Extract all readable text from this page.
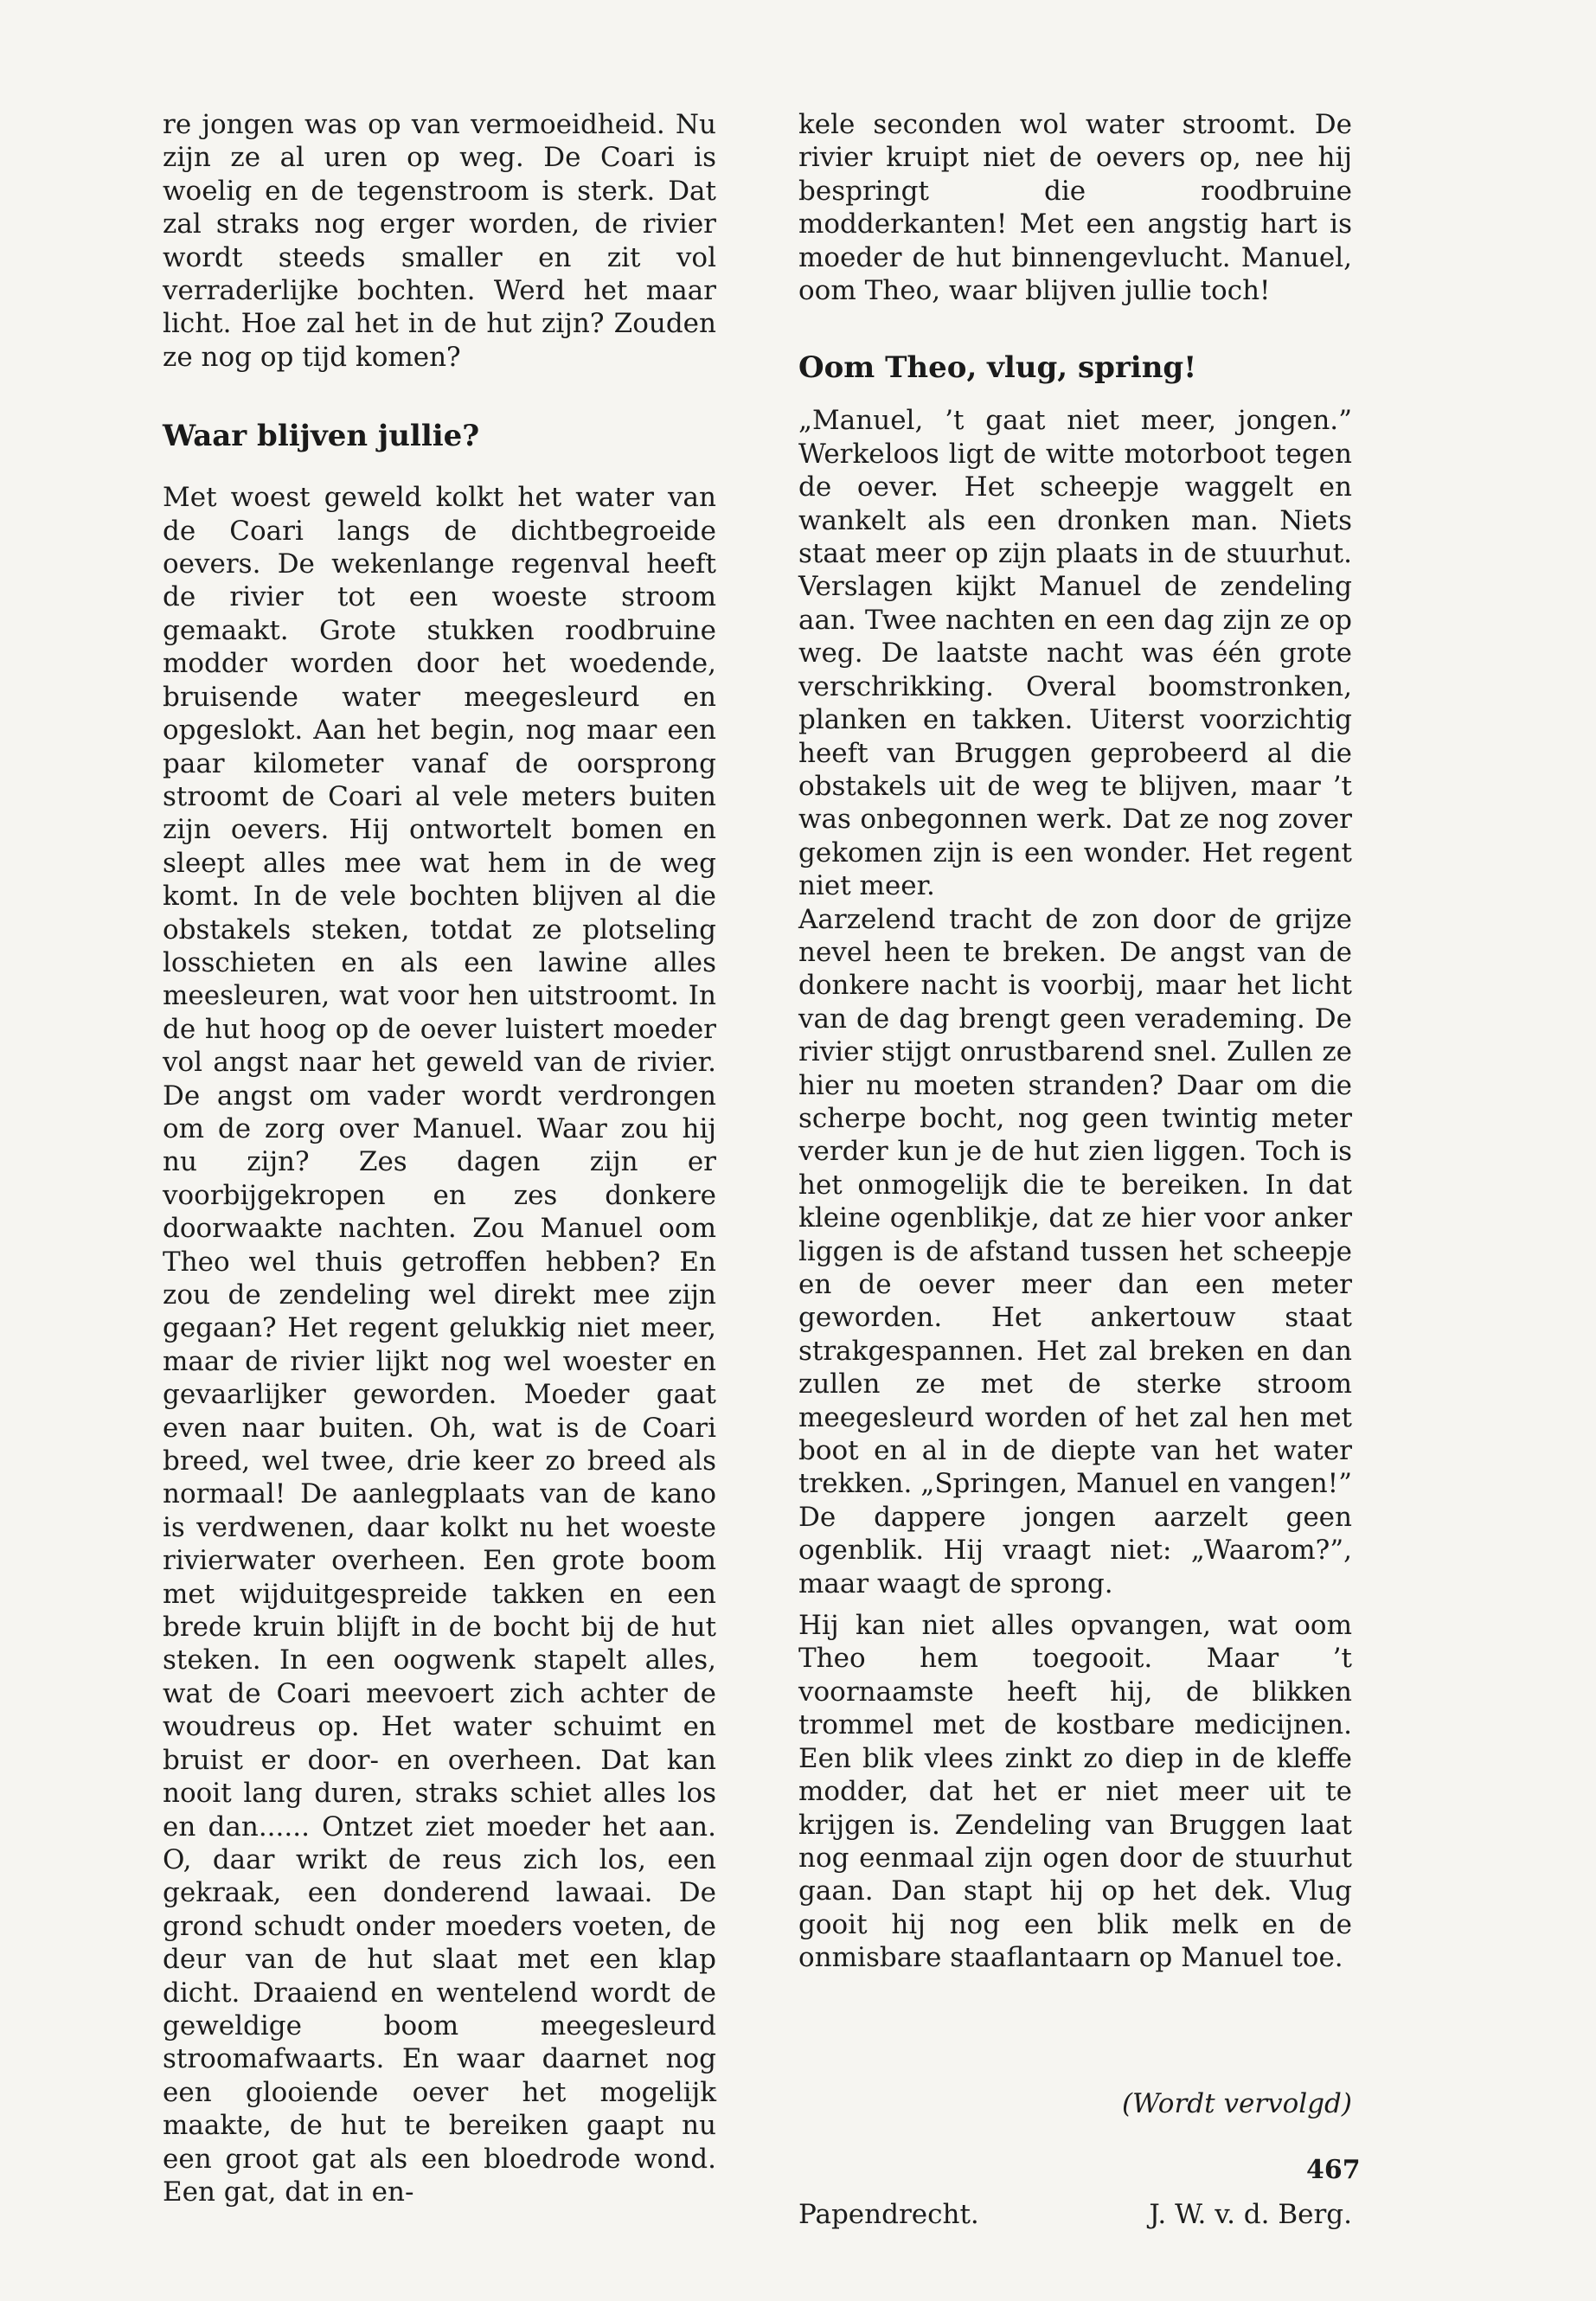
re jongen was op van vermoeidheid. Nu zijn ze al uren op weg. De Coari is woelig en de tegenstroom is sterk. Dat zal straks nog erger worden, de rivier wordt steeds smaller en zit vol verraderlijke bochten. Werd het maar licht. Hoe zal het in de hut zijn? Zouden ze nog op tijd komen?

Waar blijven jullie?

Met woest geweld kolkt het water van de Coari langs de dichtbegroeide oevers. De wekenlange regenval heeft de rivier tot een woeste stroom gemaakt. Grote stukken roodbruine modder worden door het woedende, bruisende water meegesleurd en opgeslokt. Aan het begin, nog maar een paar kilometer vanaf de oorsprong stroomt de Coari al vele meters buiten zijn oevers. Hij ontwortelt bomen en sleept alles mee wat hem in de weg komt. In de vele bochten blijven al die obstakels steken, totdat ze plotseling losschieten en als een lawine alles meesleuren, wat voor hen uitstroomt. In de hut hoog op de oever luistert moeder vol angst naar het geweld van de rivier. De angst om vader wordt verdrongen om de zorg over Manuel. Waar zou hij nu zijn? Zes dagen zijn er voorbijgekropen en zes donkere doorwaakte nachten. Zou Manuel oom Theo wel thuis getroffen hebben? En zou de zendeling wel direkt mee zijn gegaan? Het regent gelukkig niet meer, maar de rivier lijkt nog wel woester en gevaarlijker geworden. Moeder gaat even naar buiten. Oh, wat is de Coari breed, wel twee, drie keer zo breed als normaal! De aanlegplaats van de kano is verdwenen, daar kolkt nu het woeste rivierwater overheen. Een grote boom met wijduitgespreide takken en een brede kruin blijft in de bocht bij de hut steken. In een oogwenk stapelt alles, wat de Coari meevoert zich achter de woudreus op. Het water schuimt en bruist er door- en overheen. Dat kan nooit lang duren, straks schiet alles los en dan...... Ontzet ziet moeder het aan. O, daar wrikt de reus zich los, een gekraak, een donderend lawaai. De grond schudt onder moeders voeten, de deur van de hut slaat met een klap dicht. Draaiend en wentelend wordt de geweldige boom meegesleurd stroomafwaarts. En waar daarnet nog een glooiende oever het mogelijk maakte, de hut te bereiken gaapt nu een groot gat als een bloedrode wond. Een gat, dat in en-

kele seconden wol water stroomt. De rivier kruipt niet de oevers op, nee hij bespringt die roodbruine modderkanten! Met een angstig hart is moeder de hut binnengevlucht. Manuel, oom Theo, waar blijven jullie toch!

Oom Theo, vlug, spring!

„Manuel, ’t gaat niet meer, jongen.” Werkeloos ligt de witte motorboot tegen de oever. Het scheepje waggelt en wankelt als een dronken man. Niets staat meer op zijn plaats in de stuurhut. Verslagen kijkt Manuel de zendeling aan. Twee nachten en een dag zijn ze op weg. De laatste nacht was één grote verschrikking. Overal boomstronken, planken en takken. Uiterst voorzichtig heeft van Bruggen geprobeerd al die obstakels uit de weg te blijven, maar ’t was onbegonnen werk. Dat ze nog zover gekomen zijn is een wonder. Het regent niet meer.

Aarzelend tracht de zon door de grijze nevel heen te breken. De angst van de donkere nacht is voorbij, maar het licht van de dag brengt geen verademing. De rivier stijgt onrustbarend snel. Zullen ze hier nu moeten stranden? Daar om die scherpe bocht, nog geen twintig meter verder kun je de hut zien liggen. Toch is het onmogelijk die te bereiken. In dat kleine ogenblikje, dat ze hier voor anker liggen is de afstand tussen het scheepje en de oever meer dan een meter geworden. Het ankertouw staat strakgespannen. Het zal breken en dan zullen ze met de sterke stroom meegesleurd worden of het zal hen met boot en al in de diepte van het water trekken. „Springen, Manuel en vangen!” De dappere jongen aarzelt geen ogenblik. Hij vraagt niet: „Waarom?”, maar waagt de sprong.

Hij kan niet alles opvangen, wat oom Theo hem toegooit. Maar ’t voornaamste heeft hij, de blikken trommel met de kostbare medicijnen. Een blik vlees zinkt zo diep in de kleffe modder, dat het er niet meer uit te krijgen is. Zendeling van Bruggen laat nog eenmaal zijn ogen door de stuurhut gaan. Dan stapt hij op het dek. Vlug gooit hij nog een blik melk en de onmisbare staaflantaarn op Manuel toe.

(Wordt vervolgd)

Papendrecht.	J. W. v. d. Berg.

467
